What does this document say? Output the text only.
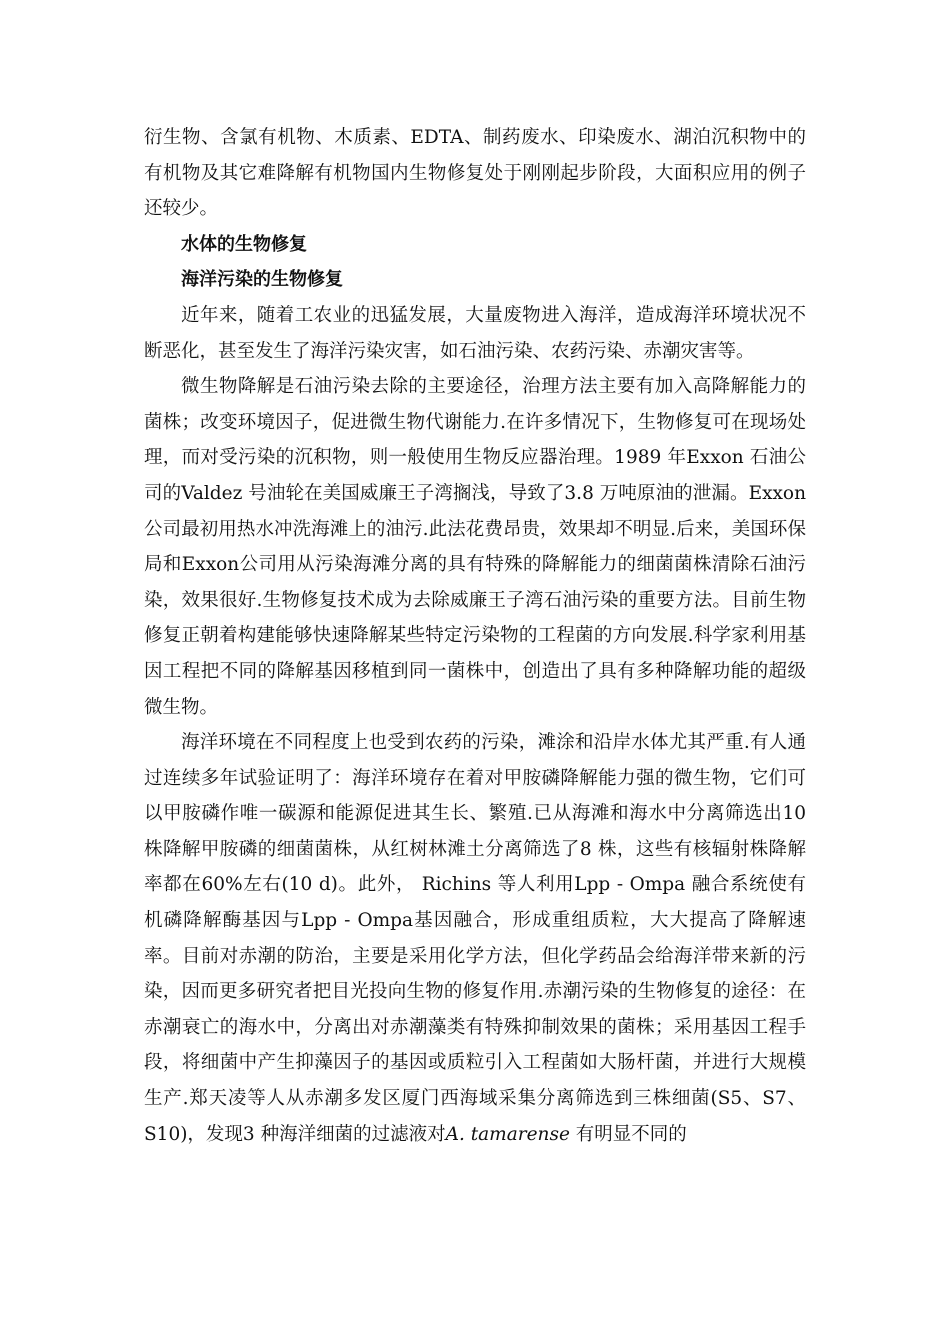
衍生物、含氯有机物、木质素、EDTA、制药废水、印染废水、湖泊沉积物中的有机物及其它难降解有机物国内生物修复处于刚刚起步阶段，大面积应用的例子还较少。

水体的生物修复

海洋污染的生物修复

近年来，随着工农业的迅猛发展，大量废物进入海洋，造成海洋环境状况不断恶化，甚至发生了海洋污染灾害，如石油污染、农药污染、赤潮灾害等。

微生物降解是石油污染去除的主要途径，治理方法主要有加入高降解能力的菌株；改变环境因子，促进微生物代谢能力.在许多情况下，生物修复可在现场处理，而对受污染的沉积物，则一般使用生物反应器治理。1989 年Exxon 石油公司的Valdez 号油轮在美国威廉王子湾搁浅，导致了3.8 万吨原油的泄漏。Exxon公司最初用热水冲洗海滩上的油污.此法花费昂贵，效果却不明显.后来，美国环保局和Exxon公司用从污染海滩分离的具有特殊的降解能力的细菌菌株清除石油污染，效果很好.生物修复技术成为去除威廉王子湾石油污染的重要方法。目前生物修复正朝着构建能够快速降解某些特定污染物的工程菌的方向发展.科学家利用基因工程把不同的降解基因移植到同一菌株中，创造出了具有多种降解功能的超级微生物。

海洋环境在不同程度上也受到农药的污染，滩涂和沿岸水体尤其严重.有人通过连续多年试验证明了：海洋环境存在着对甲胺磷降解能力强的微生物，它们可以甲胺磷作唯一碳源和能源促进其生长、繁殖.已从海滩和海水中分离筛选出10 株降解甲胺磷的细菌菌株，从红树林滩土分离筛选了8 株，这些有核辐射株降解率都在60%左右(10 d)。此外， Richins 等人利用Lpp - Ompa 融合系统使有机磷降解酶基因与Lpp - Ompa基因融合，形成重组质粒，大大提高了降解速率。目前对赤潮的防治，主要是采用化学方法，但化学药品会给海洋带来新的污染，因而更多研究者把目光投向生物的修复作用.赤潮污染的生物修复的途径：在赤潮衰亡的海水中，分离出对赤潮藻类有特殊抑制效果的菌株；采用基因工程手段，将细菌中产生抑藻因子的基因或质粒引入工程菌如大肠杆菌，并进行大规模生产.郑天凌等人从赤潮多发区厦门西海域采集分离筛选到三株细菌(S5、S7、S10)，发现3 种海洋细菌的过滤液对A. tamarense 有明显不同的
